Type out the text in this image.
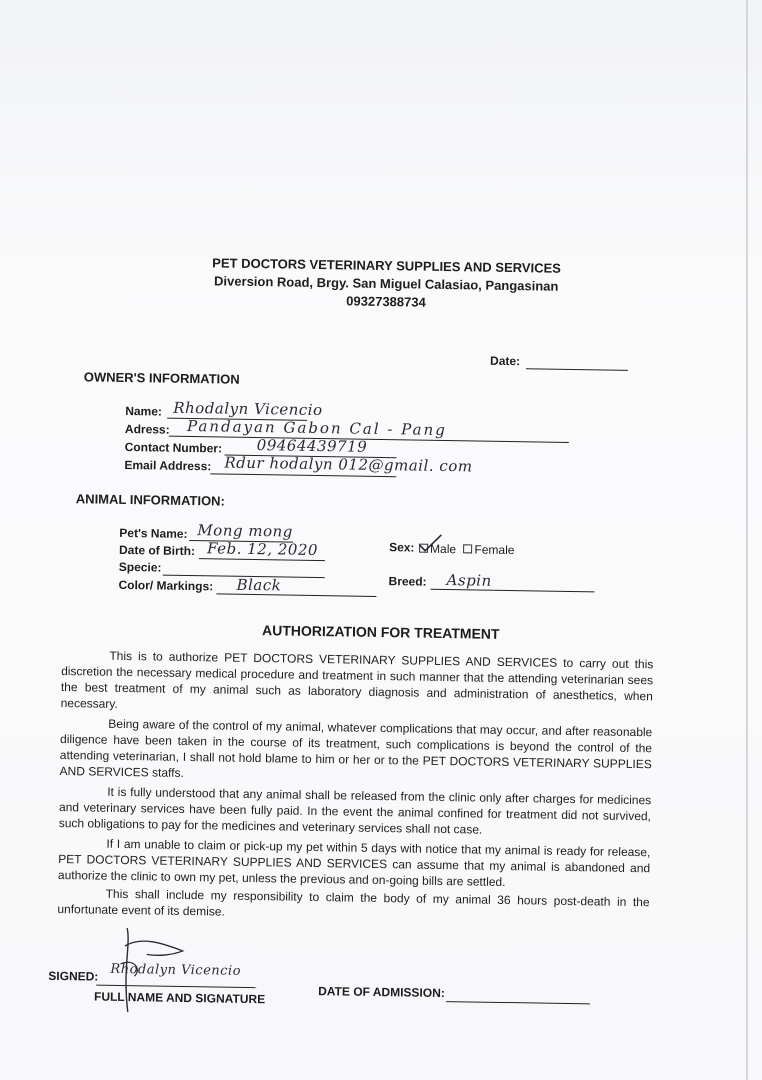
PET DOCTORS VETERINARY SUPPLIES AND SERVICES
Diversion Road, Brgy. San Miguel Calasiao, Pangasinan
09327388734
Date:
OWNER'S INFORMATION
Name: Rhodalyn Vicencio
Adress: Pandayan Gabon Cal - Pang
Contact Number: 09464439719
Email Address: Rdur hodalyn 012@gmail. com
ANIMAL INFORMATION:
Pet's Name: Mong mong
Date of Birth: Feb. 12, 2020
Specie:
Color/ Markings: Black
Sex:	Male Female
Breed: Aspin
AUTHORIZATION FOR TREATMENT
This is to authorize PET DOCTORS VETERINARY SUPPLIES AND SERVICES to carry out this discretion the necessary medical procedure and treatment in such manner that the attending veterinarian sees the best treatment of my animal such as laboratory diagnosis and administration of anesthetics, when necessary.
Being aware of the control of my animal, whatever complications that may occur, and after reasonable diligence have been taken in the course of its treatment, such complications is beyond the control of the attending veterinarian, I shall not hold blame to him or her or to the PET DOCTORS VETERINARY SUPPLIES AND SERVICES staffs.
It is fully understood that any animal shall be released from the clinic only after charges for medicines and veterinary services have been fully paid. In the event the animal confined for treatment did not survived, such obligations to pay for the medicines and veterinary services shall not case.
If I am unable to claim or pick-up my pet within 5 days with notice that my animal is ready for release, PET DOCTORS VETERINARY SUPPLIES AND SERVICES can assume that my animal is abandoned and authorize the clinic to own my pet, unless the previous and on-going bills are settled.
This shall include my responsibility to claim the body of my animal 36 hours post-death in the unfortunate event of its demise.
SIGNED: Rhodalyn Vicencio
FULL NAME AND SIGNATURE	DATE OF ADMISSION:
